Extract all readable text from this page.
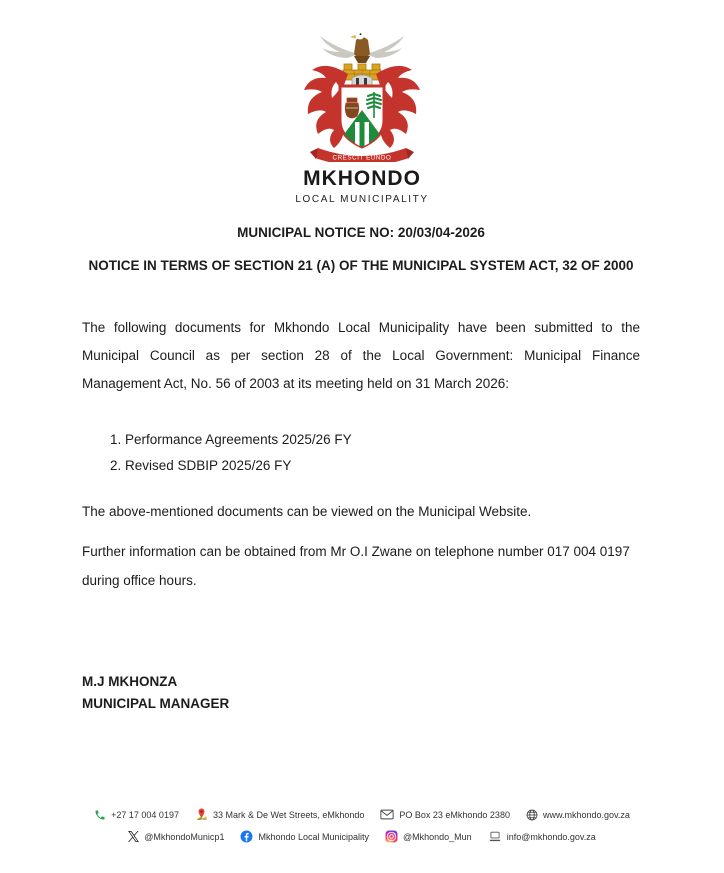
CRESCIT EUNDO
MKHONDO
LOCAL MUNICIPALITY
MUNICIPAL NOTICE NO: 20/03/04-2026
NOTICE IN TERMS OF SECTION 21 (A) OF THE MUNICIPAL SYSTEM ACT, 32 OF 2000

The following documents for Mkhondo Local Municipality have been submitted to the Municipal Council as per section 28 of the Local Government: Municipal Finance Management Act, No. 56 of 2003 at its meeting held on 31 March 2026:

1. Performance Agreements 2025/26 FY
2. Revised SDBIP 2025/26 FY

The above-mentioned documents can be viewed on the Municipal Website.

Further information can be obtained from Mr O.I Zwane on telephone number 017 004 0197 during office hours.

M.J MKHONZA
MUNICIPAL MANAGER
+27 17 004 0197	33 Mark & De Wet Streets, eMkhondo	PO Box 23 eMkhondo 2380	www.mkhondo.gov.za
@MkhondoMunicp1	Mkhondo Local Municipality	@Mkhondo_Mun	info@mkhondo.gov.za
